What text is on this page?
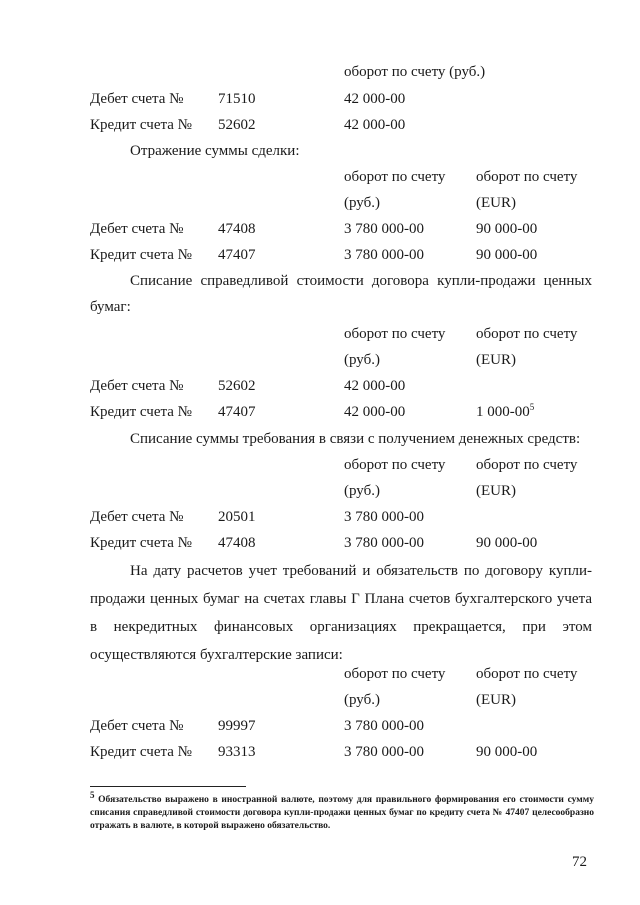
оборот по счету (руб.)
Дебет счета № 71510	42 000-00
Кредит счета № 52602	42 000-00
Отражение суммы сделки:
оборот по счету оборот по счету
(руб.)	(EUR)
Дебет счета № 47408	3 780 000-00	90 000-00
Кредит счета № 47407	3 780 000-00	90 000-00
Списание справедливой стоимости договора купли-продажи ценных бумаг:
оборот по счету оборот по счету
(руб.)	(EUR)
Дебет счета № 52602	42 000-00
Кредит счета № 47407	42 000-00	1 $000-00^5$
Списание суммы требования в связи с получением денежных средств:
оборот по счету оборот по счету
(руб.)	(EUR)
Дебет счета № 20501	3 780 000-00
Кредит счета № 47408	3 780 000-00	90 000-00
На дату расчетов учет требований и обязательств по договору купли-продажи ценных бумаг на счетах главы Г Плана счетов бухгалтерского учета в некредитных финансовых организациях прекращается, при этом осуществляются бухгалтерские записи:
оборот по счету оборот по счету
(руб.)	(EUR)
Дебет счета № 99997	3 780 000-00
Кредит счета № 93313	3 780 000-00	90 000-00
$^5$ Обязательство выражено в иностранной валюте, поэтому для правильного формирования его стоимости сумму списания справедливой стоимости договора купли-продажи ценных бумаг по кредиту счета № 47407 целесообразно отражать в валюте, в которой выражено обязательство.
72
